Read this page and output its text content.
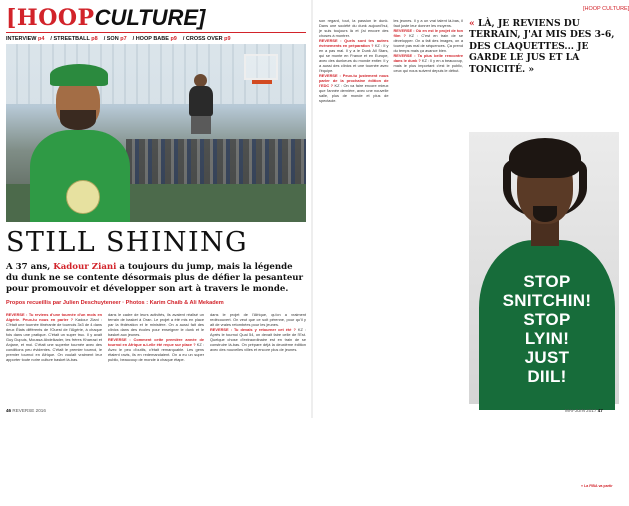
[HOOPCULTURE]
INTERVIEW p4 / STREETBALL p8 / SON p7 / HOOP BABE p9 / CROSS OVER p9
STILL SHINING
A 37 ans, Kadour Ziani a toujours du jump, mais la légende du dunk ne se contente désormais plus de défier la pesanteur pour promouvoir et développer son art à travers le monde.
Propos recueillis par Julien Deschuyteneer · Photos : Karim Chaib & Ali Mekadem

REVERSE : Tu reviens d'une tournée d'un mois en Algérie. Peux-tu nous en parler ? Kadour Ziani : C'était une tournée itinérante de tournois 3x3 de 4 dans deux États différents de l'Ouest de l'Algérie, à chaque fois dans une pratique. C'était un super truc. Il y avait Guy Dupuis, Moussa Abdelkader, les frères Kharrazi et Anjane, et moi. C'était une superbe tournée avec des conditions peu évidentes. C'était le premier tournoi, le premier tournoi en Afrique. On voulait vraiment leur apporter toute notre culture basket là-bas.

dans le cadre de leurs activités, ils avaient réalisé un terrain de basket à Oran. Le projet a été mis en place par la fédération et le ministère. On a aussi fait des clinics dans des écoles pour enseigner le dunk et le basket aux jeunes.

REVERSE : Comment cette première année de tournoi en Afrique a-t-elle été reçue sur place ? KZ : Avec le peu d'outils, c'était remarquable. Les gens étaient ravis, ils en redemandaient. On a eu un super public, beaucoup de monde à chaque étape.

dans le projet de l'Afrique, qu'on a vraiment redécouvert. On veut que ce soit pérenne, pour qu'il y ait de vraies retombées pour les jeunes.

REVERSE : Tu devais y retourner cet été ? KZ : Après le tournoi Quai 54, on devait faire celle de l'Est. Quelque chose d'extraordinaire est en train de se construire là-bas. On prépare déjà la deuxième édition avec des nouvelles villes et encore plus de jeunes.

46 REVERSE 2016
[HOOP CULTURE]

son regard, tout, la passion le dunk. Dans une société du dunk aujourd'hui, je suis toujours là et j'ai encore des choses à montrer.

REVERSE : Quels sont tes autres événements en préparation ? KZ : Il y en a pas mal. Il y a le Dunk All Stars, qui se monte en France et en Europe, avec des dunkeurs du monde entier. Il y a aussi des clinics et une tournée avec l'équipe.

REVERSE : Peux-tu justement nous parler de la prochaine édition de l'EDC ? KZ : On va faire encore mieux que l'année dernière, avec une nouvelle salle, plus de monde et plus de spectacle.

les jeunes. Il y a un vrai talent là-bas, il faut juste leur donner les moyens.

REVERSE : Où en est le projet de ton film ? KZ : C'est en train de se développer. On a fait des images, on a tourné pas mal de séquences. Ça prend du temps mais ça avance bien.

REVERSE : Ta plus belle rencontre dans le dunk ? KZ : Il y en a beaucoup, mais le plus important c'est le public, ceux qui nous suivent depuis le début.

« LÀ, JE REVIENS DU TERRAIN, J'AI MIS DES 3-6, DES CLAQUETTES... JE GARDE LE JUS ET LA TONICITÉ. »
STOP
SNITCHIN!
STOP
LYIN!
JUST
DIIL!
« La FIBA va partir sur le reste du monde, chaque pays peut organiser un tournoi. »
MAI-JUIN 2017 47
